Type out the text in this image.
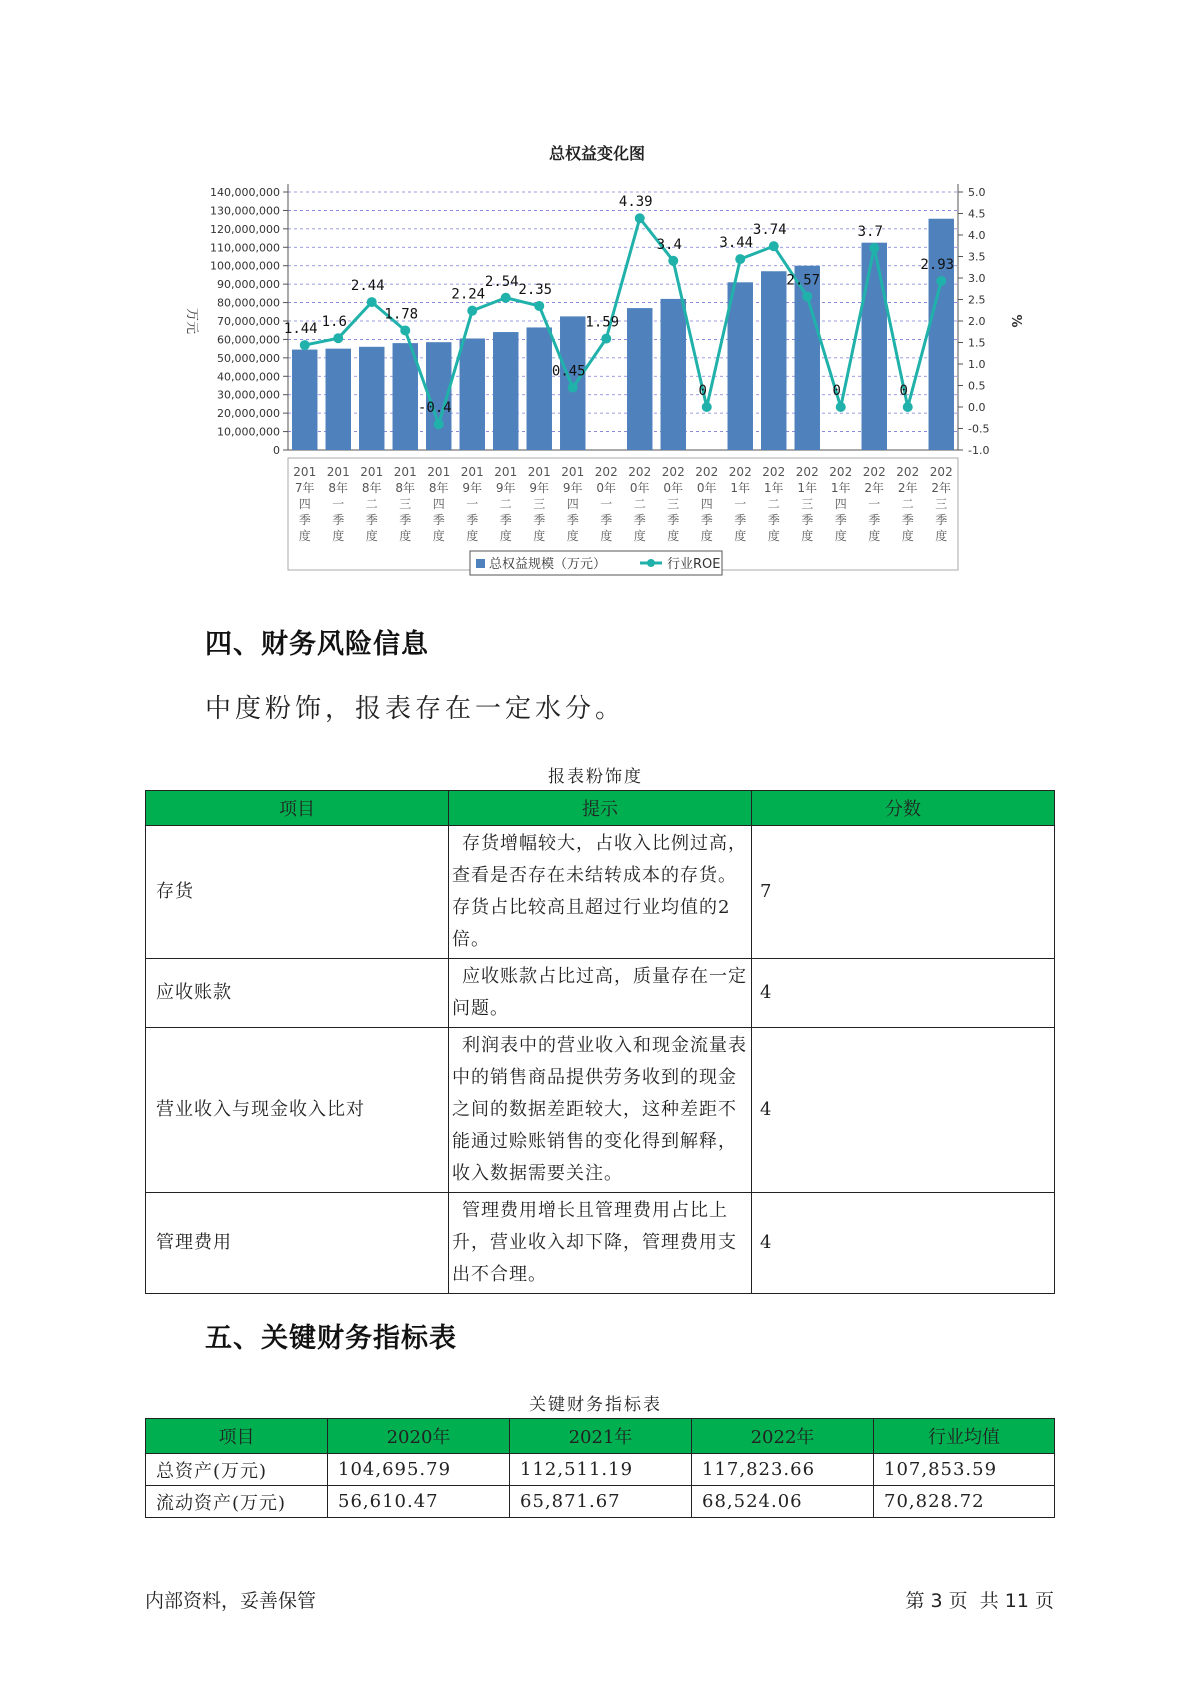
总权益变化图
140,000,000
130,000,000
120,000,000
110,000,000
100,000,000
90,000,000
80,000,000
70,000,000
60,000,000
50,000,000
40,000,000
30,000,000
20,000,000
10,000,000
0
万元
5.0
4.5
4.0
3.5
3.0
2.5
2.0
1.5
1.0
0.5
0.0
-0.5
-1.0
%
1.44 1.6
2.44
1.78
-0.4
2.24
2.54
2.35
0.45
1.59
4.39
3.4
0
3.44
3.74
2.57
0
3.7
0
2.93
201 7年四季度
201 8年一季度
201 8年二季度
201 8年三季度
201 8年四季度
201 9年一季度
201 9年二季度
201 9年三季度
201 9年四季度
202 0年一季度
202 0年二季度
202 0年三季度
202 0年四季度
202 1年一季度
202 1年二季度
202 1年三季度
202 1年四季度
202 2年一季度
202 2年二季度
202 2年三季度
总权益规模（万元）	行业ROE
四、财务风险信息
中度粉饰，报表存在一定水分。
报表粉饰度
项目	提示	分数
存货	存货增幅较大，占收入比例过高，查看是否存在未结转成本的存货。存货占比较高且超过行业均值的2倍。	7
应收账款	应收账款占比过高，质量存在一定问题。	4
营业收入与现金收入比对	利润表中的营业收入和现金流量表中的销售商品提供劳务收到的现金之间的数据差距较大，这种差距不能通过赊账销售的变化得到解释，收入数据需要关注。	4
管理费用	管理费用增长且管理费用占比上升，营业收入却下降，管理费用支出不合理。	4
五、关键财务指标表
关键财务指标表
项目	2020年	2021年	2022年	行业均值
总资产(万元)	104,695.79	112,511.19	117,823.66	107,853.59
流动资产(万元)	56,610.47	65,871.67	68,524.06	70,828.72
内部资料，妥善保管	第 3 页  共 11 页
